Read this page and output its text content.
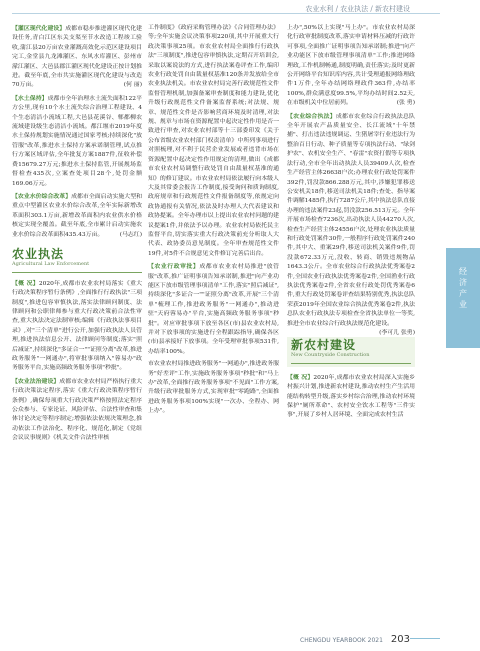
农业水利 / 农业执法 / 新农村建设

【灌区现代化建设】成都市稳步推进灌区现代化建设任务,青白江区东关支渠至节水改造工程竣工验收,蒲江县20万亩农业灌溉高效化示范区建设项目完工,金堂县九龙滩灌区、东风水库灌区、彭州市濛江灌区、大邑县郡江灌区现代化建设正按计划推进。截至年底,全市共实施灌区现代化建设与改造70万亩。	(何 丽)

【水土保持】成都市全年治理水土流失面积122平方公里,现有10个水土流失综合治理工程建设、4个生态清洁小流域工程,大邑县花溪谷、郫都柳农流域建设级生态清洁小流域。都江堰市2019年度水土保持规划实施情况通过国家考核;持续深化"放管服"改革,推进水土保持方案承诺制管理,试点推行方案区域评估,全年批复方案1887件,征收补偿费15679.27万元;推进水土保持监管,开展规场监督检查435次,立案查处项目28个,处罚金额169.06万元。

【农业水价综合改革】成都市全面启动实施大型和重点中型灌区农业水价综合改革,全年实际新增改革面积303.1万亩,新增改革面积内农业供水价格核定实现全覆盖。截至年底,全市累计启动实施农业水价综合改革面积435.43万亩。	(马志红)

农业执法
Agricultural Law Enforcement

【概 况】2020年,成都市农业农村局落实《重大行政决策程序暂行条例》,全面推行行政执法"三项制度",推进包容审慎执法,落实法律顾问制度、法律顾问和公职律师参与重大行政决策前合法性审查,重大执法决定法制审核;编辑《行政执法事项目录》,对"三个清单"进行公开,加强行政执法人员管理,推进执法信息公开、法律顾问等制度;落实"照后减证",持续深化"多证合一""证照分离"改革,推进政务服务"一网通办",将审批事项纳入"蓉易办"政务服务平台,实施高频政务服务事项"秒批"。

【农业法治建设】成都市农业农村局严格执行重大行政决策法定程序,落实《重大行政决策程序暂行条例》,确保每项重大行政决策严格按照法定程序公众参与、专家论证、风险评估、合法性审查和集体讨论决定等程序制定;增强依法依规决策理念,推动依法工作法治化、程序化、规范化,制定《党组会议议事规则》《机关文件合法性审核

工作制度》《政府采购管理办法》《合同管理办法》等;全年实施会议决策事项220项,其中开展重大行政决策事项25项。市农业农村局全面推行行政执法"三项制度",推进包容审慎执法,定期召开培训会,采取以案说法的方式,进行执法案卷评查工作,编印农业行政处罚自由裁量权基准120条并发放给全市农业执法机关。市农业农村局完善行政规范性文件监督管理机制,加强备案审查制度和能力建设,优化升级行政规范性文件备案监督系统;对法规、规章、规范性文件是否影响营商环境及时清理,对法规、规章与市场在资源配置中起决定性作用是否一致进行审查,对农业农村部等十三部委印发《关于公布省级农业农村部门权责清单》中所列事项进行对照梳理,对不利于民营企业发展或者违背市场在资源配置中起决定性作用规定的清理,做出《成都市农业农村局调整行政处罚自由裁量权基准的通知》的修订建议。市农业农村局依法履行向本级人大及其常委会报告工作制度,接受询问和质询制度,政府规章和行政规范性文件报备制度等,依规定向政协通报有关情况,依法及时办理人大代表建议和政协提案。全年办理市以上提出农业农村问题的建议提案1件,并依法予以办理。农业农村局依托民主监督平台,切实落实重大行政决策前充分听取人大代表、政协委员意见制度。全年审查规范性文件19件,对5件不合规意见文件修订完善后出台。

【农业行政审批】成都市农业农村局推进"放管服"改革,推广证明事项告知承诺制,推进"向产业功能区下放市级管理事项清单"工作,落实"照后减证",持续深化"多证合一""证照分离"改革,开展"三个清单"梳理工作,推进政务服务"一网通办",推动进驻"天府蓉易办"平台,实施高频政务服务事项"秒批"。对应审批事项下放至各区(市)县农业农村局,并对下放事项的实施进行全程跟踪指导,确保各区(市)县承接好下放事项。全年受理审批事项531件,办结率100%。

市农业农村局推进政务服务"一网通办",推进政务服务"好差评"工作,实施政务服务事项"秒批"和"马上办"改革,全面推行政务服务事项"不见面"工作方案,升级行政审批服务方式,实现审批"零跑路",全面推进政务服务事项100%实现"一次办、全程办、网上办"。

上办",50%以上实现"马上办"。市农业农村局深化行政审批制度改革,落实申请材料压减的行政许可事项,全面推广证明事项告知承诺制;推进"向产业功能区下放市级管理事项清单"工作;推进网络理政,工作机制畅通,制度明确,责任落实;及时更新公开网络平台知识库内容,共计受理通报网络理政件1万件,全年办结网络理政件363件,办结率100%,群众满意度99.5%,平均办结时间2.52天,在市级机关中位居前列。	(张 勇)

【农业综合执法】成都市农业综合行政执法总队全年开展农产品质量安全、长江流域"十年禁捕"、打击违法违规调运、生猪屠宰行业违法行为整治百日行动、种子质量等专项执法行动、"绿剑护农"、农机安全生产、"春雷"农资打假等专项执法行动,全市全年出动执法人员39409人次,检查生产经营主体26638户次;办理农业行政处罚案件392件,罚没款866.288万元,其中,涉嫌犯罪移送公安机关18件,移送司法机关18件;查处、指导案件调解1485件,执行7287公斤,其中执法总队直接办理的违法案件23起,罚没款256.513万元。全年开展市场检查7236次,出动执法人员44270人次,检查生产经营主体24556户次,处理农业执法质量和行政处罚案件30件,一般程序行政处罚案件240件,其中大、重案29件,移送司法机关案件9件,罚没款672.33万元,没收、转商、销毁违规物品1643.3公斤。全市农业综合行政执法优秀案卷2件,全国农业行政执法优秀案卷2件,全国渔业行政执法优秀案卷2件,全省农业行政处罚优秀案卷6件,重大行政处罚案卷评查结果特别优秀,执法总队荣获2019年全国农业综合执法优秀案卷2件,执法总队农业行政执法专项检查全省执法单位一等奖,推进全市农业综合行政执法规范化建设。
(李可儿 张勇)

新农村建设
New Countryside Construction

【概 况】2020年,成都市农业农村局深入实施乡村振兴计划,推进新农村建设,推动农村生产生活用能结构转型升级,落实乡村综合治理,推动农村环境保护"厕所革命"、农村安全饮水工程等"三件实事",开展了乡村人居环境、全面完成农村生活

经济产业
CHENGDU YEARBOOK 2021 203
